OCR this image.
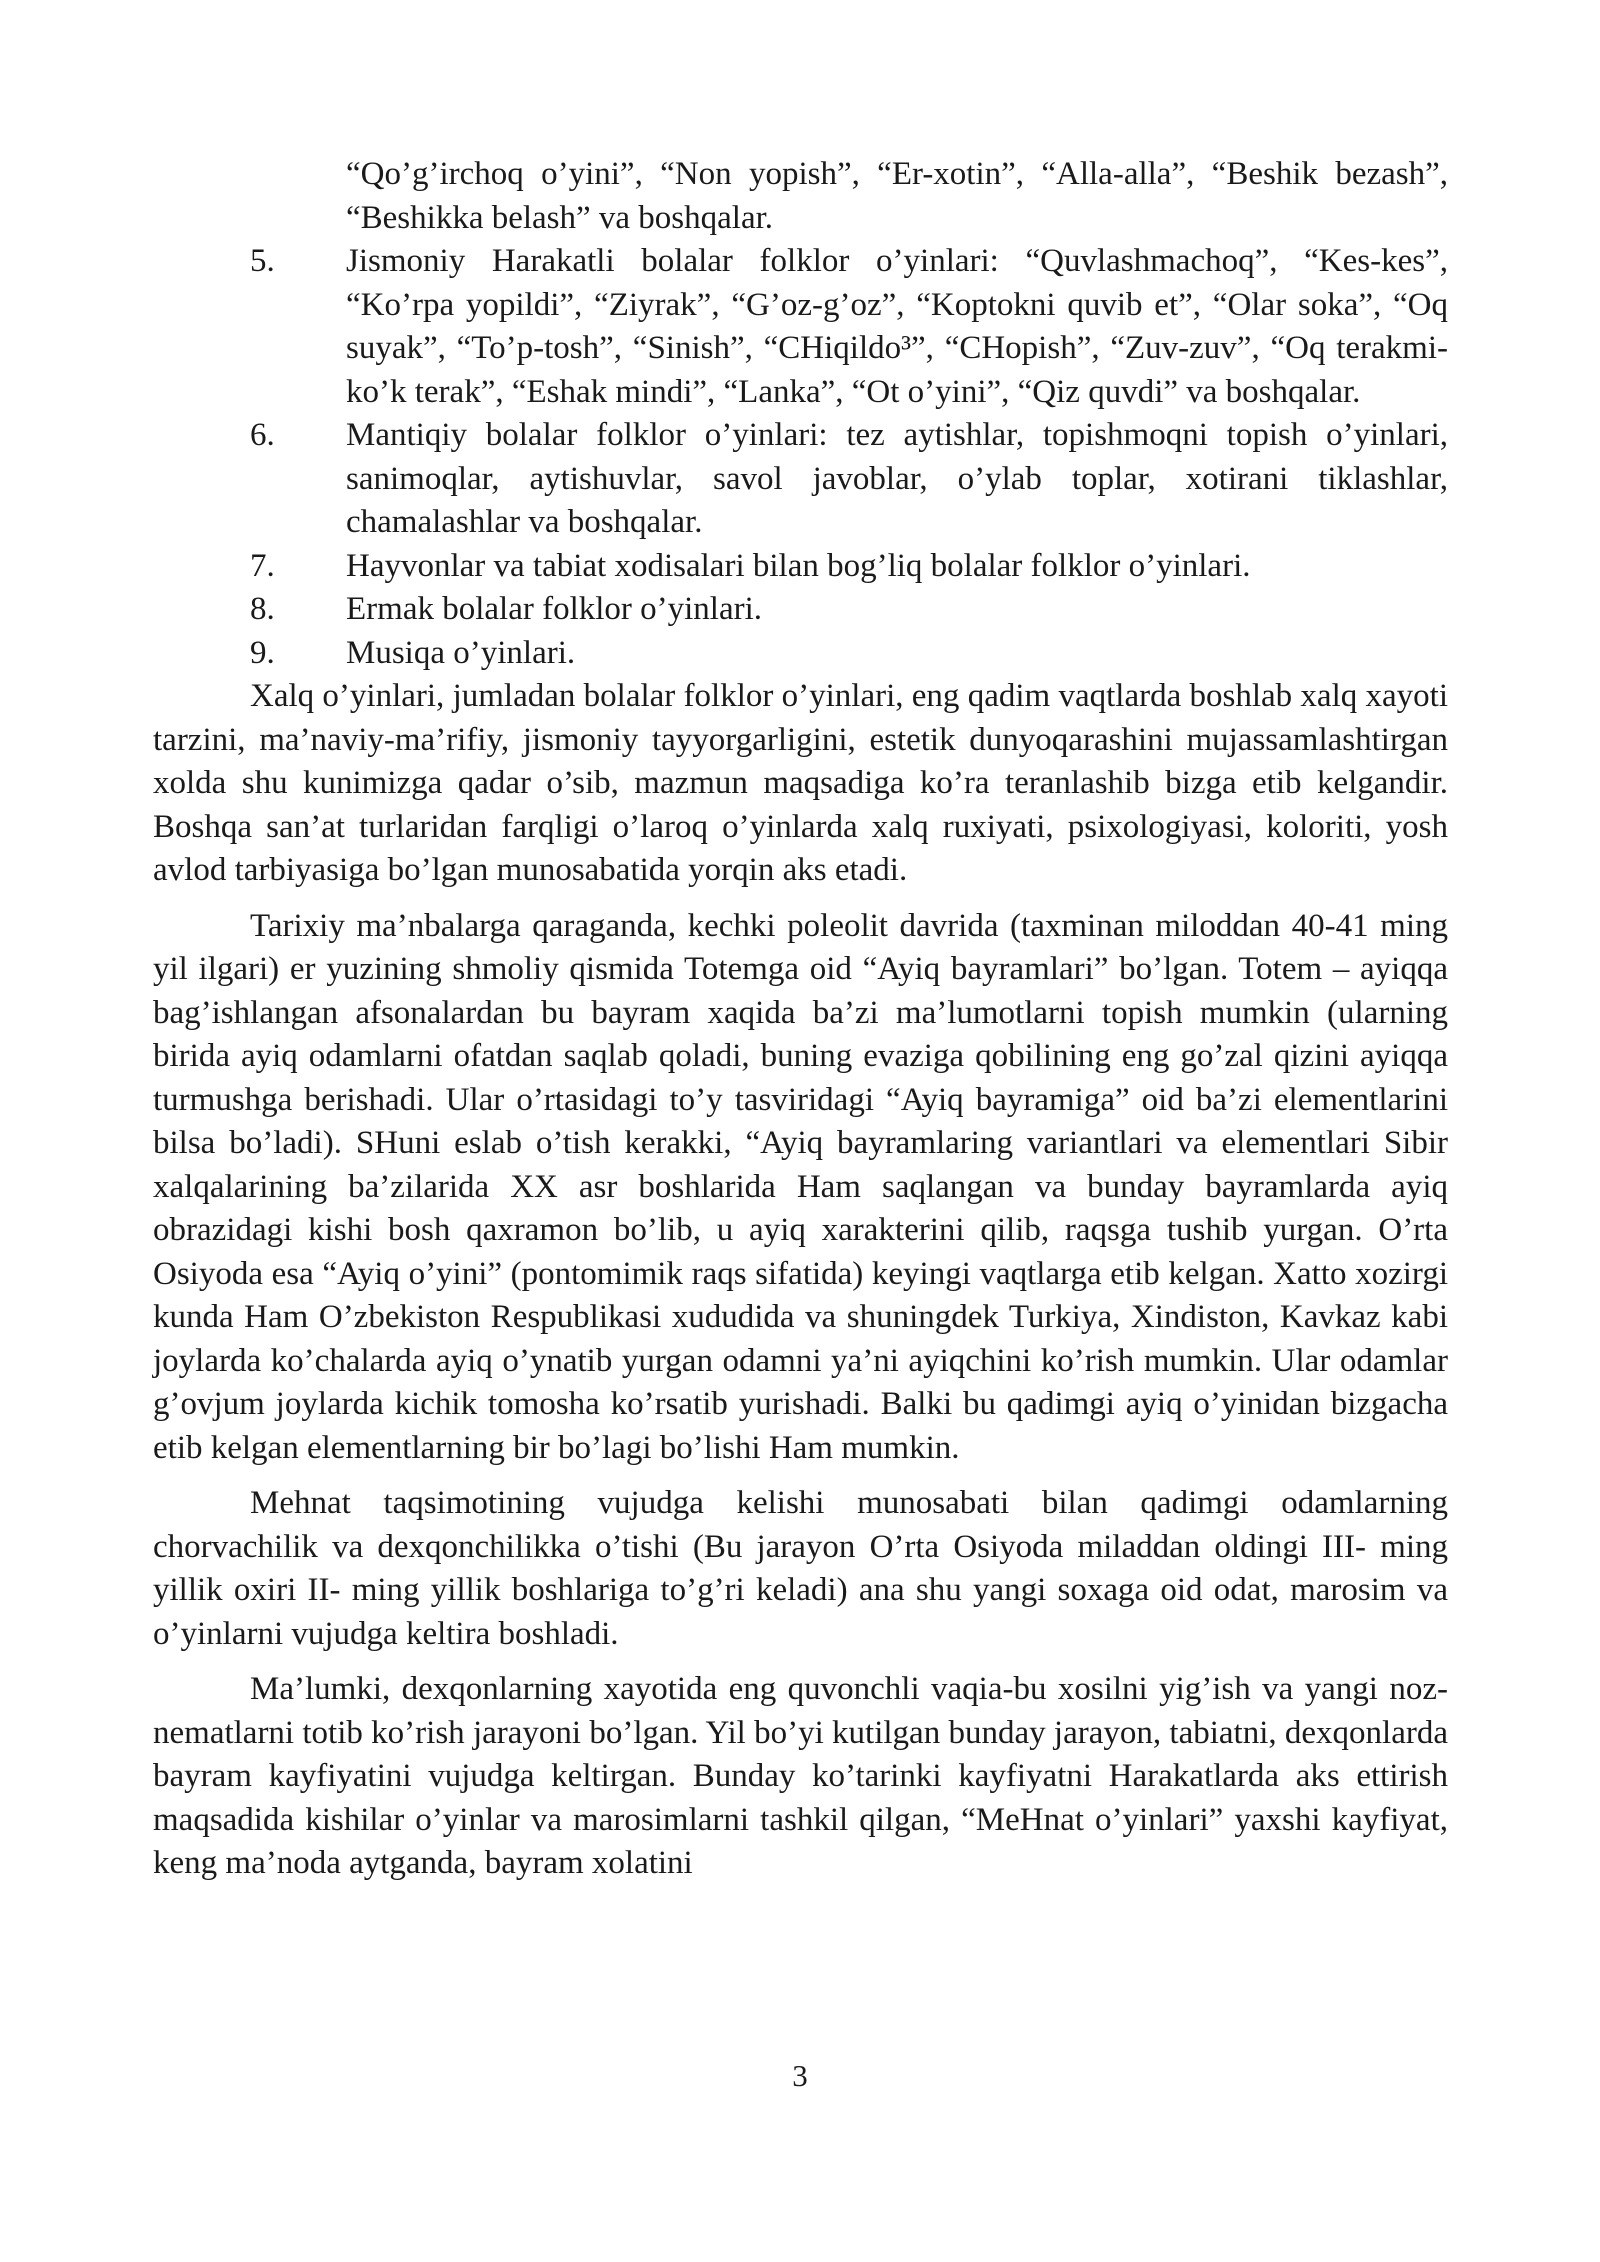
“Qo’g’irchoq o’yini”, “Non yopish”, “Er-xotin”, “Alla-alla”, “Beshik bezash”, “Beshikka belash” va boshqalar.

5.	Jismoniy Harakatli bolalar folklor o’yinlari: “Quvlashmachoq”, “Kes-kes”, “Ko’rpa yopildi”, “Ziyrak”, “G’oz-g’oz”, “Koptokni quvib et”, “Olar soka”, “Oq suyak”, “To’p-tosh”, “Sinish”, “CHiqildo³”, “CHopish”, “Zuv-zuv”, “Oq terakmi-ko’k terak”, “Eshak mindi”, “Lanka”, “Ot o’yini”, “Qiz quvdi” va boshqalar.
6.	Mantiqiy bolalar folklor o’yinlari: tez aytishlar, topishmoqni topish o’yinlari, sanimoqlar, aytishuvlar, savol javoblar, o’ylab toplar, xotirani tiklashlar, chamalashlar va boshqalar.
7.	Hayvonlar va tabiat xodisalari bilan bog’liq bolalar folklor o’yinlari.
8.	Ermak bolalar folklor o’yinlari.
9.	Musiqa o’yinlari.

Xalq o’yinlari, jumladan bolalar folklor o’yinlari, eng qadim vaqtlarda boshlab xalq xayoti tarzini, ma’naviy-ma’rifiy, jismoniy tayyorgarligini, estetik dunyoqarashini mujassamlashtirgan xolda shu kunimizga qadar o’sib, mazmun maqsadiga ko’ra teranlashib bizga etib kelgandir. Boshqa san’at turlaridan farqligi o’laroq o’yinlarda xalq ruxiyati, psixologiyasi, koloriti, yosh avlod tarbiyasiga bo’lgan munosabatida yorqin aks etadi.

Tarixiy ma’nbalarga qaraganda, kechki poleolit davrida (taxminan miloddan 40-41 ming yil ilgari) er yuzining shmoliy qismida Totemga oid “Ayiq bayramlari” bo’lgan. Totem – ayiqqa bag’ishlangan afsonalardan bu bayram xaqida ba’zi ma’lumotlarni topish mumkin (ularning birida ayiq odamlarni ofatdan saqlab qoladi, buning evaziga qobilining eng go’zal qizini ayiqqa turmushga berishadi. Ular o’rtasidagi to’y tasviridagi “Ayiq bayramiga” oid ba’zi elementlarini bilsa bo’ladi). SHuni eslab o’tish kerakki, “Ayiq bayramlaring variantlari va elementlari Sibir xalqalarining ba’zilarida XX asr boshlarida Ham saqlangan va bunday bayramlarda ayiq obrazidagi kishi bosh qaxramon bo’lib, u ayiq xarakterini qilib, raqsga tushib yurgan. O’rta Osiyoda esa “Ayiq o’yini” (pontomimik raqs sifatida) keyingi vaqtlarga etib kelgan. Xatto xozirgi kunda Ham O’zbekiston Respublikasi xududida va shuningdek Turkiya, Xindiston, Kavkaz kabi joylarda ko’chalarda ayiq o’ynatib yurgan odamni ya’ni ayiqchini ko’rish mumkin. Ular odamlar g’ovjum joylarda kichik tomosha ko’rsatib yurishadi. Balki bu qadimgi ayiq o’yinidan bizgacha etib kelgan elementlarning bir bo’lagi bo’lishi Ham mumkin.

Mehnat taqsimotining vujudga kelishi munosabati bilan qadimgi odamlarning chorvachilik va dexqonchilikka o’tishi (Bu jarayon O’rta Osiyoda miladdan oldingi III- ming yillik oxiri II- ming yillik boshlariga to’g’ri keladi) ana shu yangi soxaga oid odat, marosim va o’yinlarni vujudga keltira boshladi.

Ma’lumki, dexqonlarning xayotida eng quvonchli vaqia-bu xosilni yig’ish va yangi noz-nematlarni totib ko’rish jarayoni bo’lgan. Yil bo’yi kutilgan bunday jarayon, tabiatni, dexqonlarda bayram kayfiyatini vujudga keltirgan. Bunday ko’tarinki kayfiyatni Harakatlarda aks ettirish maqsadida kishilar o’yinlar va marosimlarni tashkil qilgan, “MeHnat o’yinlari” yaxshi kayfiyat, keng ma’noda aytganda, bayram xolatini

3
